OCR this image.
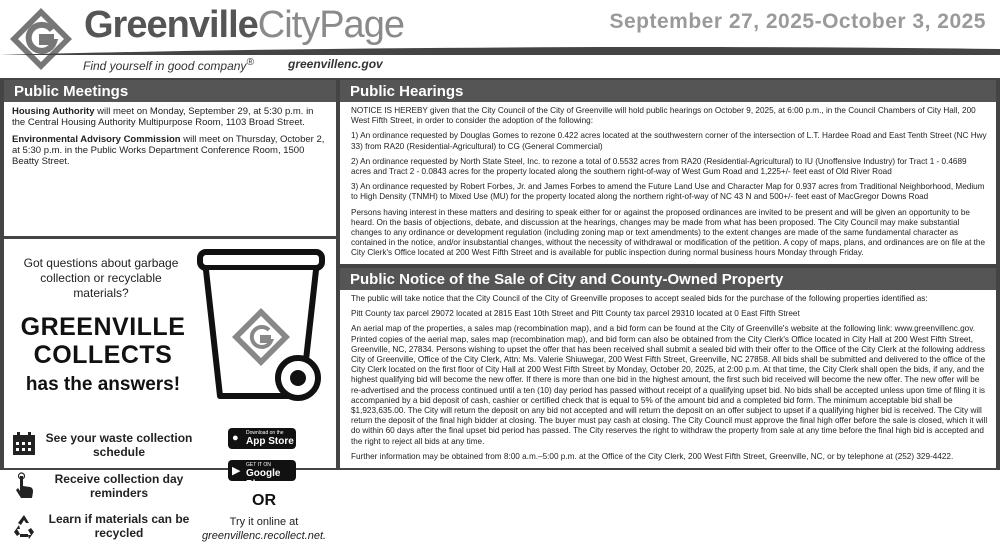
GreenvilleCityPage	September 27, 2025-October 3, 2025
Find yourself in good company®	greenvillenc.gov
Public Meetings

Housing Authority will meet on Monday, September 29, at 5:30 p.m. in the Central Housing Authority Multipurpose Room, 1103 Broad Street.

Environmental Advisory Commission will meet on Thursday, October 2, at 5:30 p.m. in the Public Works Department Conference Room, 1500 Beatty Street.

Got questions about garbage collection or recyclable materials?
GREENVILLE
COLLECTS
has the answers!
See your waste collection schedule
Receive collection day reminders
Learn if materials can be recycled
● Download on the
App Store
▶ GET IT ON
Google Play
OR
Try it online at
greenvillenc.recollect.net.
Public Hearings

NOTICE IS HEREBY given that the City Council of the City of Greenville will hold public hearings on October 9, 2025, at 6:00 p.m., in the Council Chambers of City Hall, 200 West Fifth Street, in order to consider the adoption of the following:

1) An ordinance requested by Douglas Gomes to rezone 0.422 acres located at the southwestern corner of the intersection of L.T. Hardee Road and East Tenth Street (NC Hwy 33) from RA20 (Residential-Agricultural) to CG (General Commercial)

2) An ordinance requested by North State Steel, Inc. to rezone a total of 0.5532 acres from RA20 (Residential-Agricultural) to IU (Unoffensive Industry) for Tract 1 - 0.4689 acres and Tract 2 - 0.0843 acres for the property located along the southern right-of-way of West Gum Road and 1,225+/- feet east of Old River Road

3) An ordinance requested by Robert Forbes, Jr. and James Forbes to amend the Future Land Use and Character Map for 0.937 acres from Traditional Neighborhood, Medium to High Density (TNMH) to Mixed Use (MU) for the property located along the northern right-of-way of NC 43 N and 500+/- feet east of MacGregor Downs Road

Persons having interest in these matters and desiring to speak either for or against the proposed ordinances are invited to be present and will be given an opportunity to be heard. On the basis of objections, debate, and discussion at the hearings, changes may be made from what has been proposed. The City Council may make substantial changes to any ordinance or development regulation (including zoning map or text amendments) to the extent changes are made of the same fundamental character as contained in the notice, and/or insubstantial changes, without the necessity of withdrawal or modification of the petition. A copy of maps, plans, and ordinances are on file at the City Clerk's Office located at 200 West Fifth Street and is available for public inspection during normal business hours Monday through Friday.

Public Notice of the Sale of City and County-Owned Property

The public will take notice that the City Council of the City of Greenville proposes to accept sealed bids for the purchase of the following properties identified as:

Pitt County tax parcel 29072 located at 2815 East 10th Street and Pitt County tax parcel 29310 located at 0 East Fifth Street

An aerial map of the properties, a sales map (recombination map), and a bid form can be found at the City of Greenville's website at the following link: www.greenvillenc.gov. Printed copies of the aerial map, sales map (recombination map), and bid form can also be obtained from the City Clerk's Office located in City Hall at 200 West Fifth Street, Greenville, NC, 27834. Persons wishing to upset the offer that has been received shall submit a sealed bid with their offer to the Office of the City Clerk at the following address City of Greenville, Office of the City Clerk, Attn: Ms. Valerie Shiuwegar, 200 West Fifth Street, Greenville, NC 27858. All bids shall be submitted and delivered to the office of the City Clerk located on the first floor of City Hall at 200 West Fifth Street by Monday, October 20, 2025, at 2:00 p.m. At that time, the City Clerk shall open the bids, if any, and the highest qualifying bid will become the new offer. If there is more than one bid in the highest amount, the first such bid received will become the new offer. The new offer will be re-advertised and the process continued until a ten (10) day period has passed without receipt of a qualifying upset bid. No bids shall be accepted unless upon time of filing it is accompanied by a bid deposit of cash, cashier or certified check that is equal to 5% of the amount bid and a completed bid form. The minimum acceptable bid shall be $1,923,635.00. The City will return the deposit on any bid not accepted and will return the deposit on an offer subject to upset if a qualifying higher bid is received. The City will return the deposit of the final high bidder at closing. The buyer must pay cash at closing. The City Council must approve the final high offer before the sale is closed, which it will do within 60 days after the final upset bid period has passed. The City reserves the right to withdraw the property from sale at any time before the final high bid is accepted and the right to reject all bids at any time.

Further information may be obtained from 8:00 a.m.–5:00 p.m. at the Office of the City Clerk, 200 West Fifth Street, Greenville, NC, or by telephone at (252) 329-4422.
